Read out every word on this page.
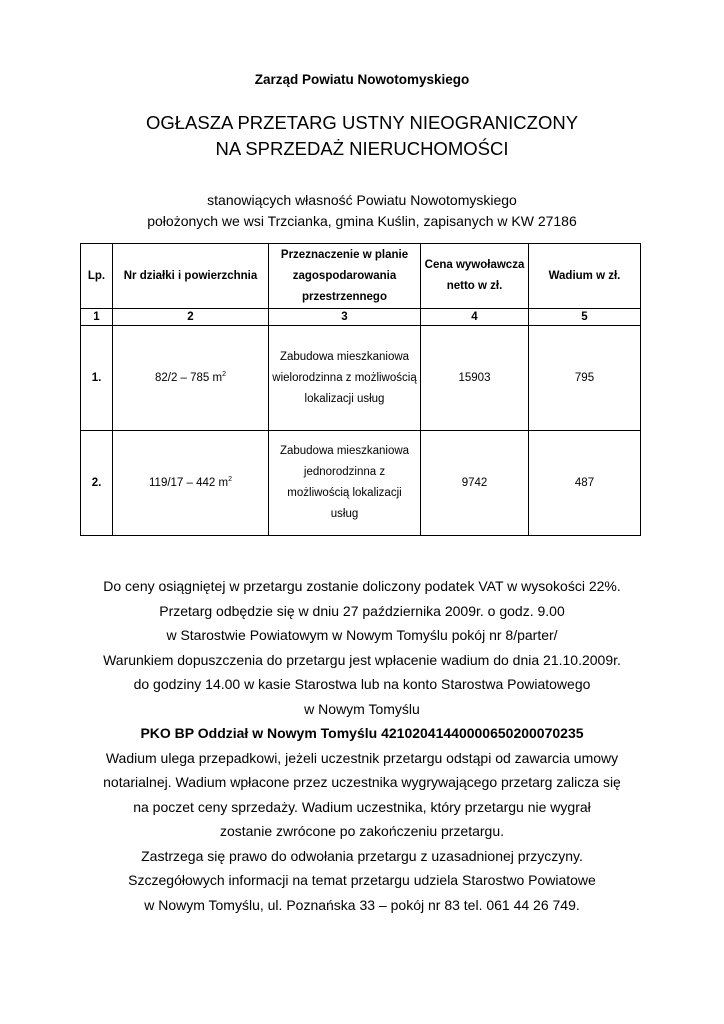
Zarząd Powiatu Nowotomyskiego
OGŁASZA PRZETARG USTNY NIEOGRANICZONY
NA SPRZEDAŻ NIERUCHOMOŚCI
stanowiących własność Powiatu Nowotomyskiego
położonych we wsi Trzcianka, gmina Kuślin, zapisanych w KW 27186
Lp.	Nr działki i powierzchnia	Przeznaczenie w planie zagospodarowania przestrzennego	Cena wywoławcza netto w zł.	Wadium w zł.
1	2	3	4	5
1.	82/2 – 785 $m^2$	Zabudowa mieszkaniowa wielorodzinna z możliwością lokalizacji usług	15903	795
2.	119/17 – 442 $m^2$	Zabudowa mieszkaniowa jednorodzinna z możliwością lokalizacji usług	9742	487
Do ceny osiągniętej w przetargu zostanie doliczony podatek VAT w wysokości 22%.
Przetarg odbędzie się w dniu 27 października 2009r. o godz. 9.00
w Starostwie Powiatowym w Nowym Tomyślu pokój nr 8/parter/
Warunkiem dopuszczenia do przetargu jest wpłacenie wadium do dnia 21.10.2009r.
do godziny 14.00 w kasie Starostwa lub na konto Starostwa Powiatowego
w Nowym Tomyślu
PKO BP Oddział w Nowym Tomyślu 42102041440000650200070235
Wadium ulega przepadkowi, jeżeli uczestnik przetargu odstąpi od zawarcia umowy
notarialnej. Wadium wpłacone przez uczestnika wygrywającego przetarg zalicza się
na poczet ceny sprzedaży. Wadium uczestnika, który przetargu nie wygrał
zostanie zwrócone po zakończeniu przetargu.
Zastrzega się prawo do odwołania przetargu z uzasadnionej przyczyny.
Szczegółowych informacji na temat przetargu udziela Starostwo Powiatowe
w Nowym Tomyślu, ul. Poznańska 33 – pokój nr 83 tel. 061 44 26 749.
